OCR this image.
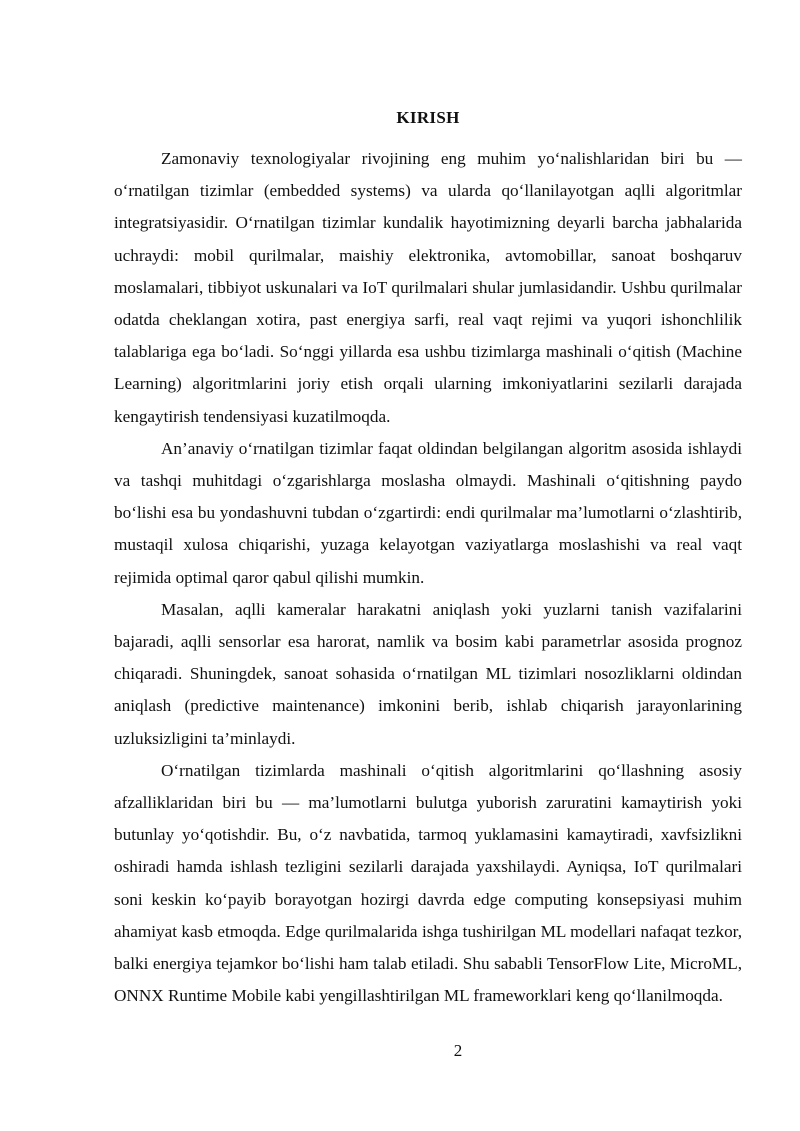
KIRISH

Zamonaviy texnologiyalar rivojining eng muhim yo‘nalishlaridan biri bu — o‘rnatilgan tizimlar (embedded systems) va ularda qo‘llanilayotgan aqlli algoritmlar integratsiyasidir. O‘rnatilgan tizimlar kundalik hayotimizning deyarli barcha jabhalarida uchraydi: mobil qurilmalar, maishiy elektronika, avtomobillar, sanoat boshqaruv moslamalari, tibbiyot uskunalari va IoT qurilmalari shular jumlasidandir. Ushbu qurilmalar odatda cheklangan xotira, past energiya sarfi, real vaqt rejimi va yuqori ishonchlilik talablariga ega bo‘ladi. So‘nggi yillarda esa ushbu tizimlarga mashinali o‘qitish (Machine Learning) algoritmlarini joriy etish orqali ularning imkoniyatlarini sezilarli darajada kengaytirish tendensiyasi kuzatilmoqda.

An’anaviy o‘rnatilgan tizimlar faqat oldindan belgilangan algoritm asosida ishlaydi va tashqi muhitdagi o‘zgarishlarga moslasha olmaydi. Mashinali o‘qitishning paydo bo‘lishi esa bu yondashuvni tubdan o‘zgartirdi: endi qurilmalar ma’lumotlarni o‘zlashtirib, mustaqil xulosa chiqarishi, yuzaga kelayotgan vaziyatlarga moslashishi va real vaqt rejimida optimal qaror qabul qilishi mumkin.

Masalan, aqlli kameralar harakatni aniqlash yoki yuzlarni tanish vazifalarini bajaradi, aqlli sensorlar esa harorat, namlik va bosim kabi parametrlar asosida prognoz chiqaradi. Shuningdek, sanoat sohasida o‘rnatilgan ML tizimlari nosozliklarni oldindan aniqlash (predictive maintenance) imkonini berib, ishlab chiqarish jarayonlarining uzluksizligini ta’minlaydi.

O‘rnatilgan tizimlarda mashinali o‘qitish algoritmlarini qo‘llashning asosiy afzalliklaridan biri bu — ma’lumotlarni bulutga yuborish zaruratini kamaytirish yoki butunlay yo‘qotishdir. Bu, o‘z navbatida, tarmoq yuklamasini kamaytiradi, xavfsizlikni oshiradi hamda ishlash tezligini sezilarli darajada yaxshilaydi. Ayniqsa, IoT qurilmalari soni keskin ko‘payib borayotgan hozirgi davrda edge computing konsepsiyasi muhim ahamiyat kasb etmoqda. Edge qurilmalarida ishga tushirilgan ML modellari nafaqat tezkor, balki energiya tejamkor bo‘lishi ham talab etiladi. Shu sababli TensorFlow Lite, MicroML, ONNX Runtime Mobile kabi yengillashtirilgan ML frameworklari keng qo‘llanilmoqda.

2
